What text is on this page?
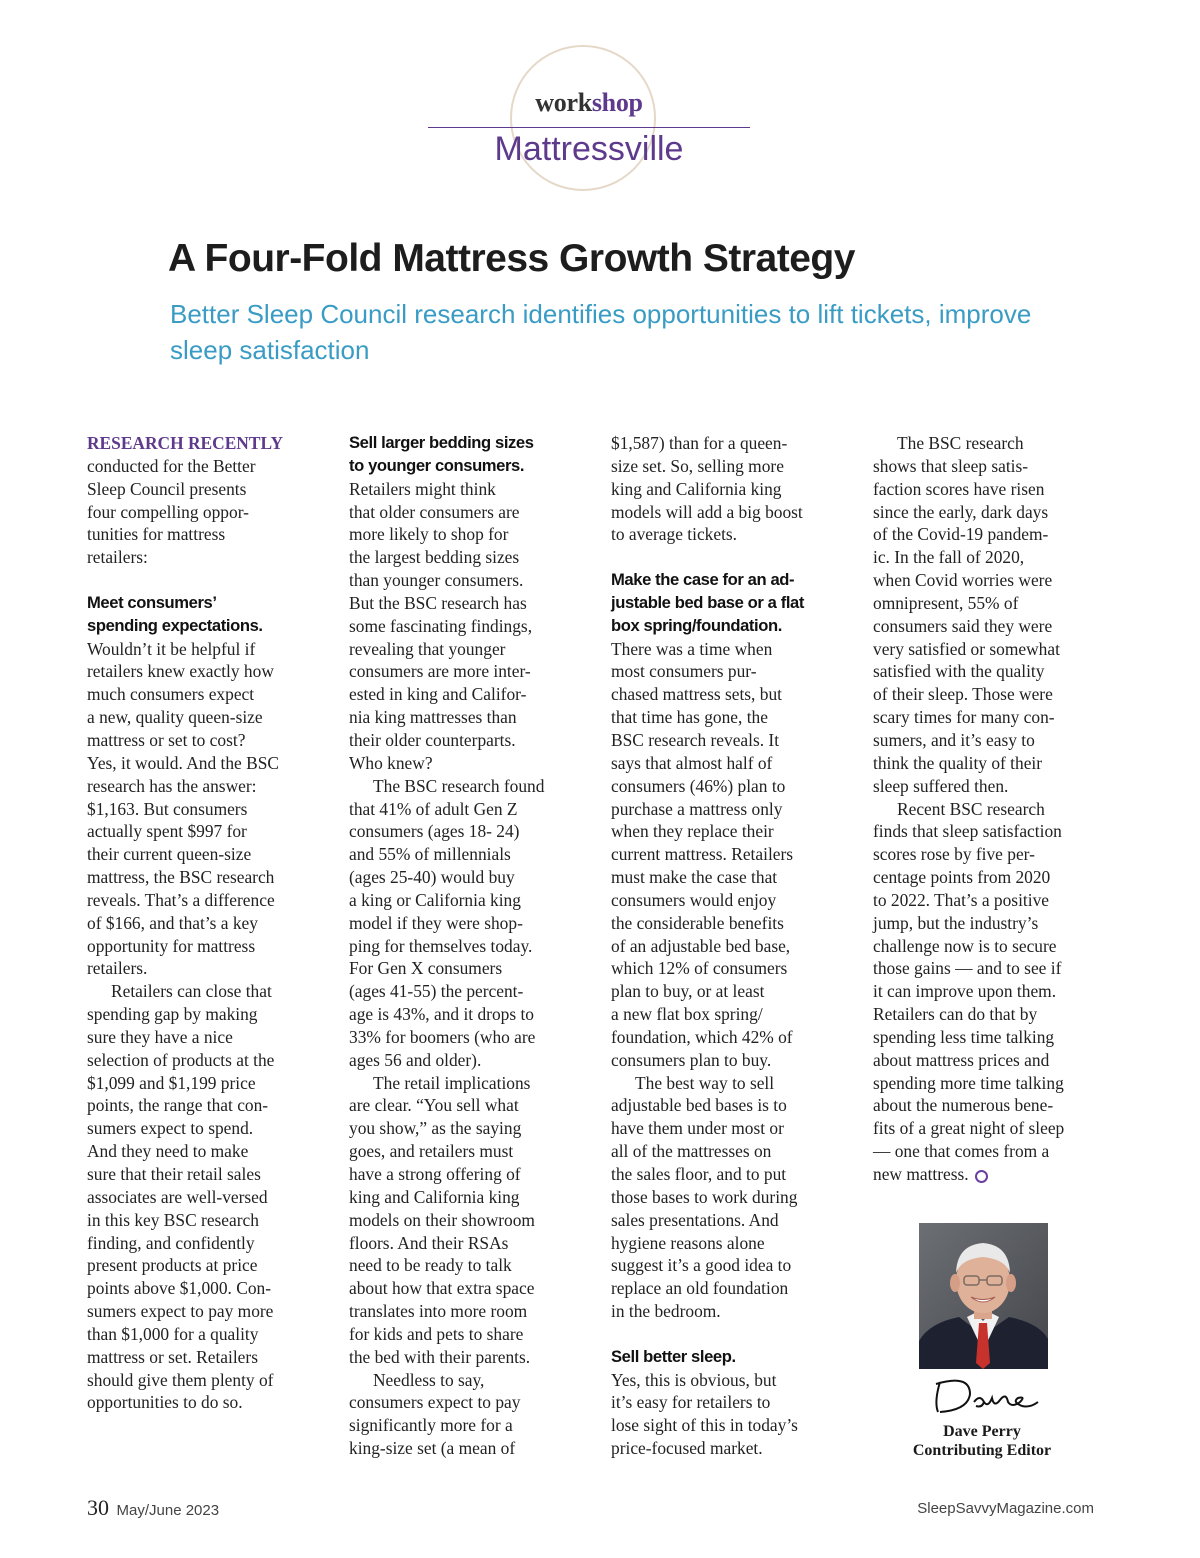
workshop
Mattressville
A Four-Fold Mattress Growth Strategy
Better Sleep Council research identifies opportunities to lift tickets, improve sleep satisfaction
RESEARCH RECENTLY
conducted for the Better
Sleep Council presents
four compelling oppor-
tunities for mattress
retailers:
Meet consumers’
spending expectations.
Wouldn’t it be helpful if
retailers knew exactly how
much consumers expect
a new, quality queen-size
mattress or set to cost?
Yes, it would. And the BSC
research has the answer:
$1,163. But consumers
actually spent $997 for
their current queen-size
mattress, the BSC research
reveals. That’s a difference
of $166, and that’s a key
opportunity for mattress
retailers.
Retailers can close that
spending gap by making
sure they have a nice
selection of products at the
$1,099 and $1,199 price
points, the range that con-
sumers expect to spend.
And they need to make
sure that their retail sales
associates are well-versed
in this key BSC research
finding, and confidently
present products at price
points above $1,000. Con-
sumers expect to pay more
than $1,000 for a quality
mattress or set. Retailers
should give them plenty of
opportunities to do so.
Sell larger bedding sizes
to younger consumers.
Retailers might think
that older consumers are
more likely to shop for
the largest bedding sizes
than younger consumers.
But the BSC research has
some fascinating findings,
revealing that younger
consumers are more inter-
ested in king and Califor-
nia king mattresses than
their older counterparts.
Who knew?
The BSC research found
that 41% of adult Gen Z
consumers (ages 18- 24)
and 55% of millennials
(ages 25-40) would buy
a king or California king
model if they were shop-
ping for themselves today.
For Gen X consumers
(ages 41-55) the percent-
age is 43%, and it drops to
33% for boomers (who are
ages 56 and older).
The retail implications
are clear. “You sell what
you show,” as the saying
goes, and retailers must
have a strong offering of
king and California king
models on their showroom
floors. And their RSAs
need to be ready to talk
about how that extra space
translates into more room
for kids and pets to share
the bed with their parents.
Needless to say,
consumers expect to pay
significantly more for a
king-size set (a mean of
$1,587) than for a queen-
size set. So, selling more
king and California king
models will add a big boost
to average tickets.
Make the case for an ad-
justable bed base or a flat
box spring/foundation.
There was a time when
most consumers pur-
chased mattress sets, but
that time has gone, the
BSC research reveals. It
says that almost half of
consumers (46%) plan to
purchase a mattress only
when they replace their
current mattress. Retailers
must make the case that
consumers would enjoy
the considerable benefits
of an adjustable bed base,
which 12% of consumers
plan to buy, or at least
a new flat box spring/
foundation, which 42% of
consumers plan to buy.
The best way to sell
adjustable bed bases is to
have them under most or
all of the mattresses on
the sales floor, and to put
those bases to work during
sales presentations. And
hygiene reasons alone
suggest it’s a good idea to
replace an old foundation
in the bedroom.
Sell better sleep.
Yes, this is obvious, but
it’s easy for retailers to
lose sight of this in today’s
price-focused market.
The BSC research
shows that sleep satis-
faction scores have risen
since the early, dark days
of the Covid-19 pandem-
ic. In the fall of 2020,
when Covid worries were
omnipresent, 55% of
consumers said they were
very satisfied or somewhat
satisfied with the quality
of their sleep. Those were
scary times for many con-
sumers, and it’s easy to
think the quality of their
sleep suffered then.
Recent BSC research
finds that sleep satisfaction
scores rose by five per-
centage points from 2020
to 2022. That’s a positive
jump, but the industry’s
challenge now is to secure
those gains — and to see if
it can improve upon them.
Retailers can do that by
spending less time talking
about mattress prices and
spending more time talking
about the numerous bene-
fits of a great night of sleep
— one that comes from a
new mattress.
Dave Perry
Contributing Editor
30 May/June 2023	SleepSavvyMagazine.com
